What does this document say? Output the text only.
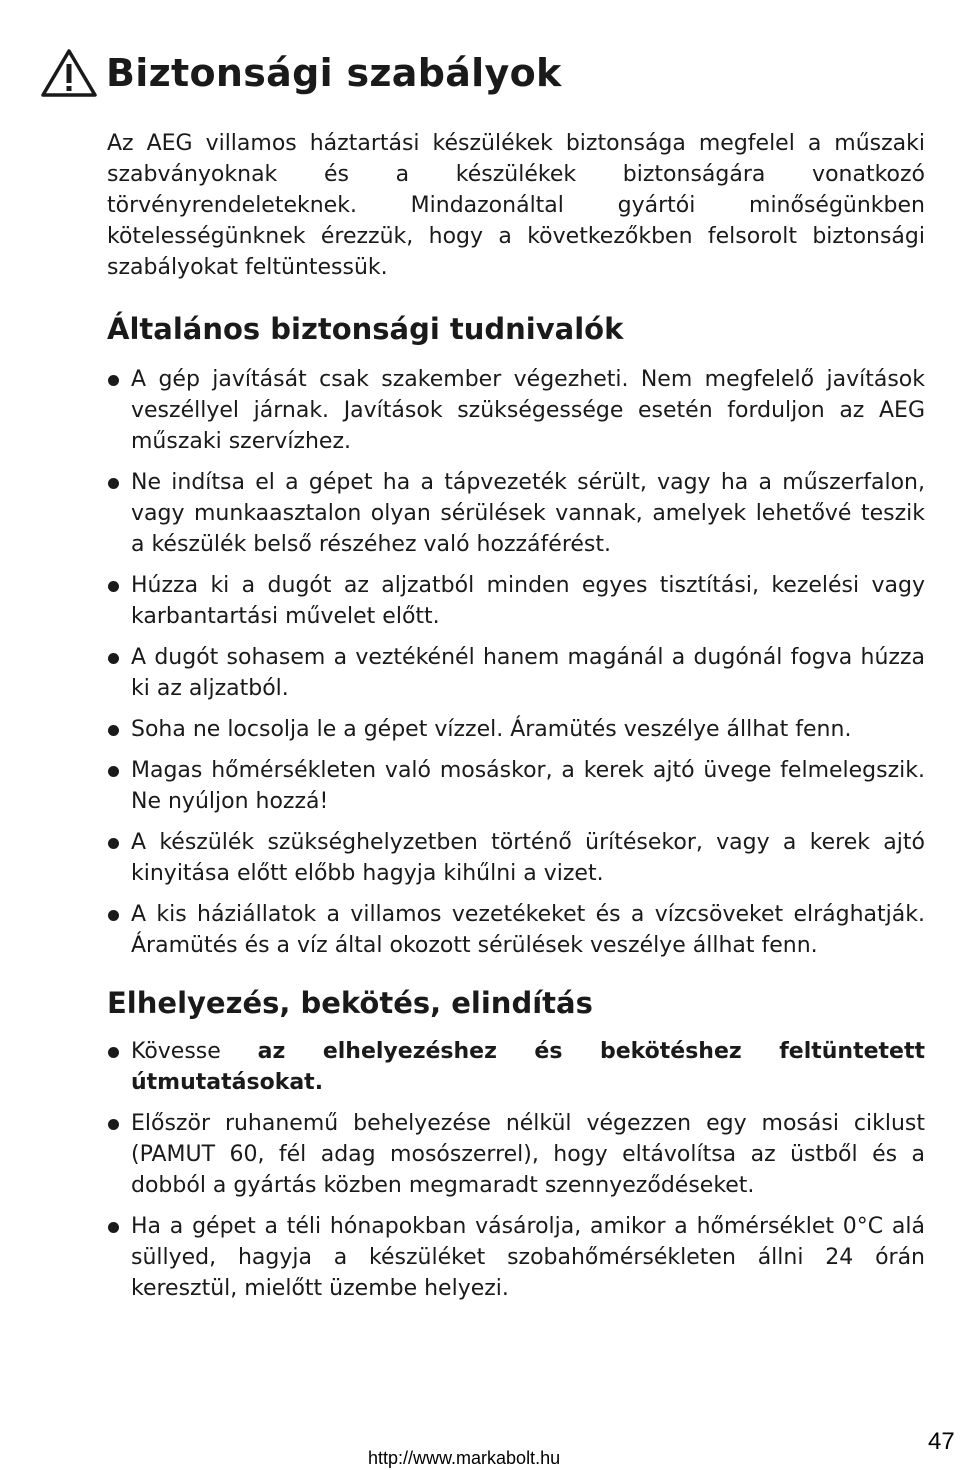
Biztonsági szabályok

Az AEG villamos háztartási készülékek biztonsága megfelel a műszaki szabványoknak és a készülékek biztonságára vonatkozó törvényrendeleteknek. Mindazonáltal gyártói minőségünkben kötelességünknek érezzük, hogy a következőkben felsorolt biztonsági szabályokat feltüntessük.

Általános biztonsági tudnivalók
A gép javítását csak szakember végezheti. Nem megfelelő javítások veszéllyel járnak. Javítások szükségessége esetén forduljon az AEG műszaki szervízhez.
Ne indítsa el a gépet ha a tápvezeték sérült, vagy ha a műszerfalon, vagy munkaasztalon olyan sérülések vannak, amelyek lehetővé teszik a készülék belső részéhez való hozzáférést.
Húzza ki a dugót az aljzatból minden egyes tisztítási, kezelési vagy karbantartási művelet előtt.
A dugót sohasem a veztékénél hanem magánál a dugónál fogva húzza ki az aljzatból.
Soha ne locsolja le a gépet vízzel. Áramütés veszélye állhat fenn.
Magas hőmérsékleten való mosáskor, a kerek ajtó üvege felmelegszik. Ne nyúljon hozzá!
A készülék szükséghelyzetben történő ürítésekor, vagy a kerek ajtó kinyitása előtt előbb hagyja kihűlni a vizet.
A kis háziállatok a villamos vezetékeket és a vízcsöveket elrághatják. Áramütés és a víz által okozott sérülések veszélye állhat fenn.
Elhelyezés, bekötés, elindítás
Kövesse az elhelyezéshez és bekötéshez feltüntetett útmutatásokat.
Először ruhanemű behelyezése nélkül végezzen egy mosási ciklust (PAMUT 60, fél adag mosószerrel), hogy eltávolítsa az üstből és a dobból a gyártás közben megmaradt szennyeződéseket.
Ha a gépet a téli hónapokban vásárolja, amikor a hőmérséklet 0°C alá süllyed, hagyja a készüléket szobahőmérsékleten állni 24 órán keresztül, mielőtt üzembe helyezi.
http://www.markabolt.hu
47
